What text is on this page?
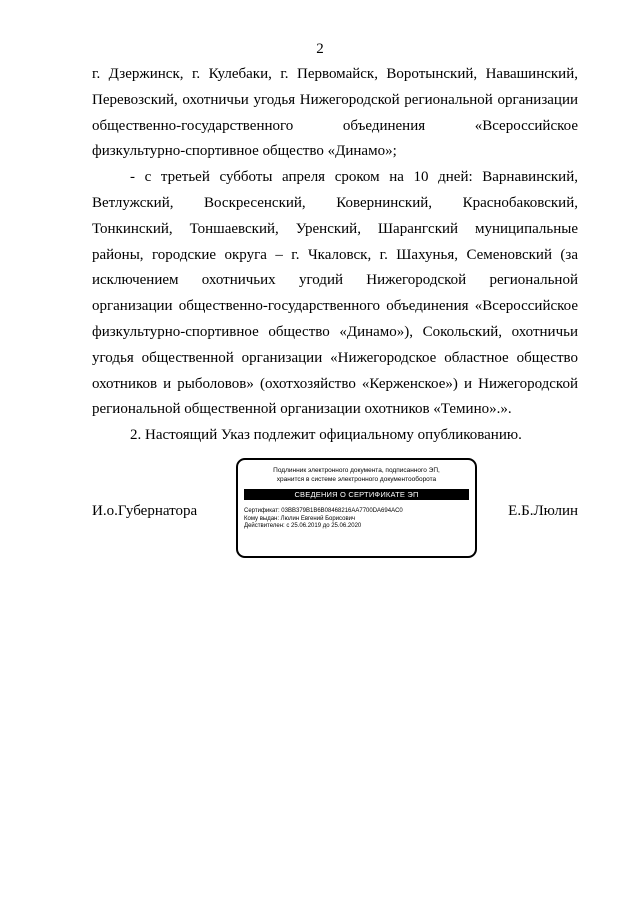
2

г. Дзержинск, г. Кулебаки, г. Первомайск, Воротынский, Навашинский, Перевозский, охотничьи угодья Нижегородской региональной организации общественно-государственного объединения «Всероссийское физкультурно-спортивное общество «Динамо»;

- с третьей субботы апреля сроком на 10 дней: Варнавинский, Ветлужский, Воскресенский, Ковернинский, Краснобаковский, Тонкинский, Тоншаевский, Уренский, Шарангский муниципальные районы, городские округа – г. Чкаловск, г. Шахунья, Семеновский (за исключением охотничьих угодий Нижегородской региональной организации общественно-государственного объединения «Всероссийское физкультурно-спортивное общество «Динамо»), Сокольский, охотничьи угодья общественной организации «Нижегородское областное общество охотников и рыболовов» (охотхозяйство «Керженское») и Нижегородской региональной общественной организации охотников «Темино».».

2. Настоящий Указ подлежит официальному опубликованию.

И.о.Губернатора
Подлинник электронного документа, подписанного ЭП,
хранится в системе электронного документооборота
СВЕДЕНИЯ О СЕРТИФИКАТЕ ЭП
Сертификат: 03BB379B1B6B08468216AA7700DA694AC0
Кому выдан: Люлин Евгений Борисович
Действителен: с 25.06.2019 до 25.06.2020
Е.Б.Люлин
